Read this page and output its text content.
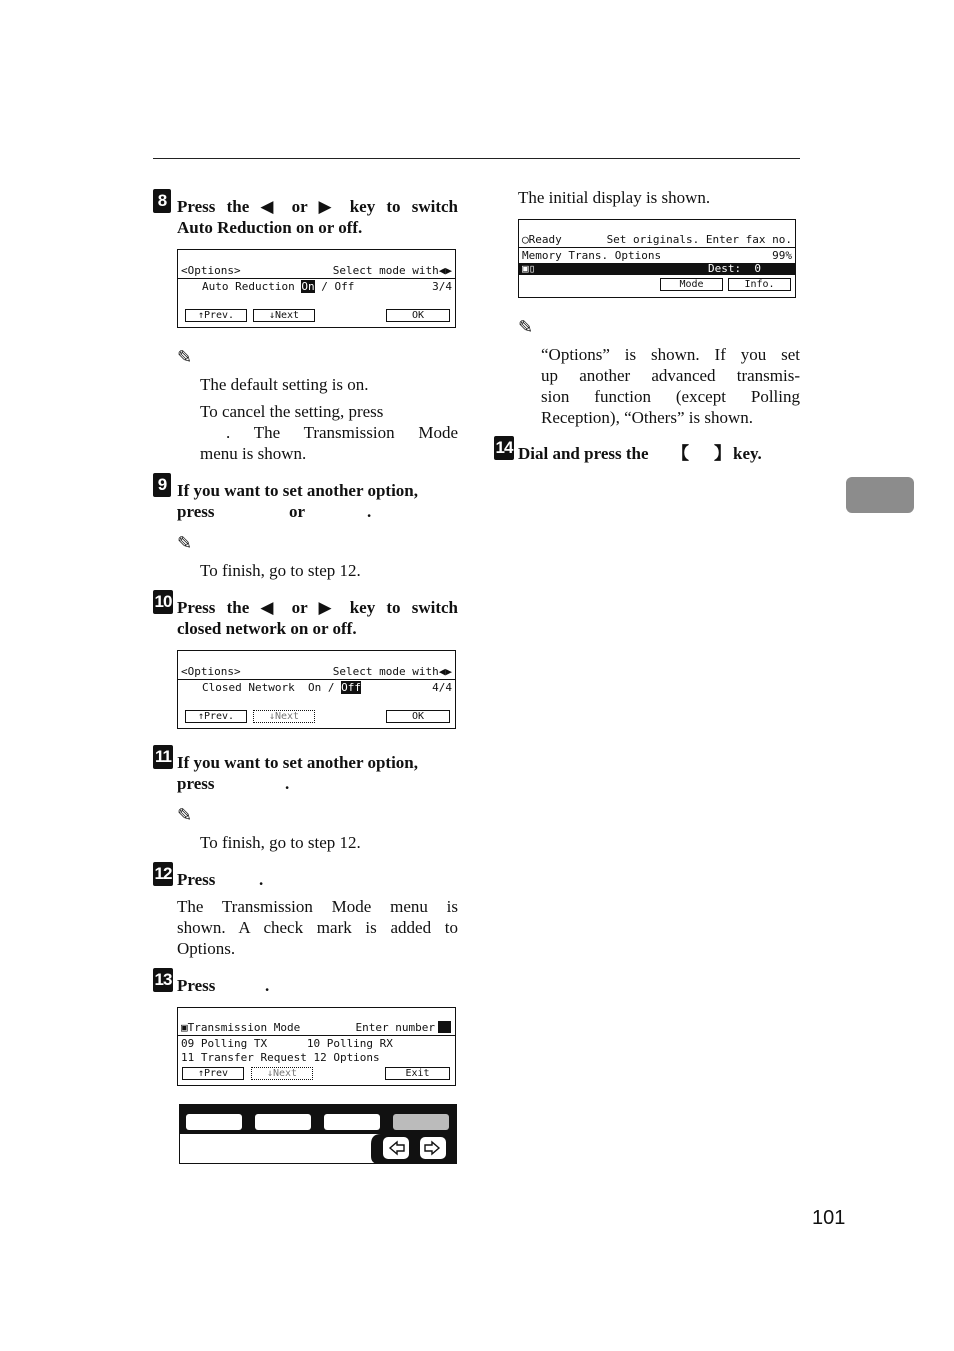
8 Press the ◀ or ▶ key to switch
Auto Reduction on or off.
<Options>	Select mode with◀▶
Auto Reduction On / Off	3/4
↑Prev.	↓Next	OK
✎
The default setting is on.
To cancel the setting, press
. The Transmission Mode
menu is shown.
9 If you want to set another option,
press	or	.
✎
To finish, go to step 12.
10 Press the ◀ or ▶ key to switch
closed network on or off.
<Options>	Select mode with◀▶
Closed Network  On / Off	4/4
↑Prev.	↓Next	OK
11 If you want to set another option,
press	.
✎
To finish, go to step 12.
12 Press	.
The Transmission Mode menu is
shown. A check mark is added to
Options.
13 Press	.
▣Transmission Mode	Enter number
09 Polling TX      10 Polling RX
11 Transfer Request 12 Options
↑Prev	↓Next	Exit
The initial display is shown.
◯Ready	Set originals. Enter fax no.
Memory Trans. Options	99%
▣▯	Dest:  0
Mode	Info.
✎
“Options” is shown. If you set
up another advanced transmis-
sion function (except Polling
Reception), “Others” is shown.
14 Dial and press the 【 】 key.
101
